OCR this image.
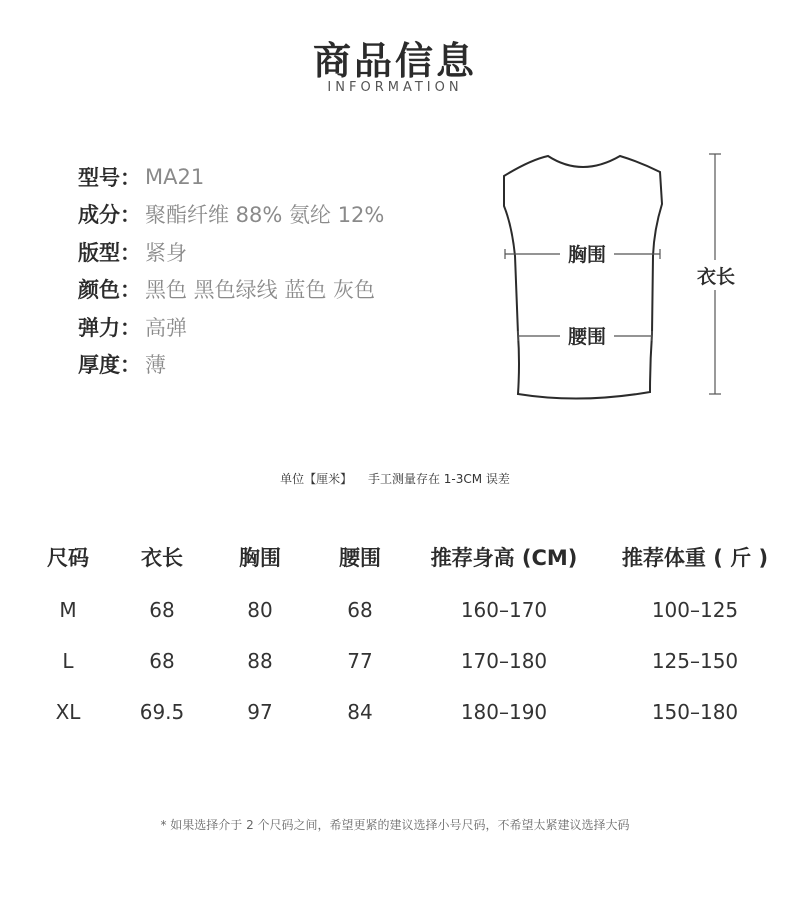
商品信息
INFORMATION
型号： MA21
成分： 聚酯纤维 88% 氨纶 12%
版型： 紧身
颜色： 黑色 黑色绿线 蓝色 灰色
弹力： 高弹
厚度： 薄
胸围
腰围
衣长
单位【厘米】 手工测量存在 1-3CM 误差
尺码	衣长	胸围	腰围	推荐身高 (CM)	推荐体重 ( 斤 )
M	68	80	68	160–170	100–125
L	68	88	77	170–180	125–150
XL	69.5	97	84	180–190	150–180
* 如果选择介于 2 个尺码之间，希望更紧的建议选择小号尺码，不希望太紧建议选择大码
